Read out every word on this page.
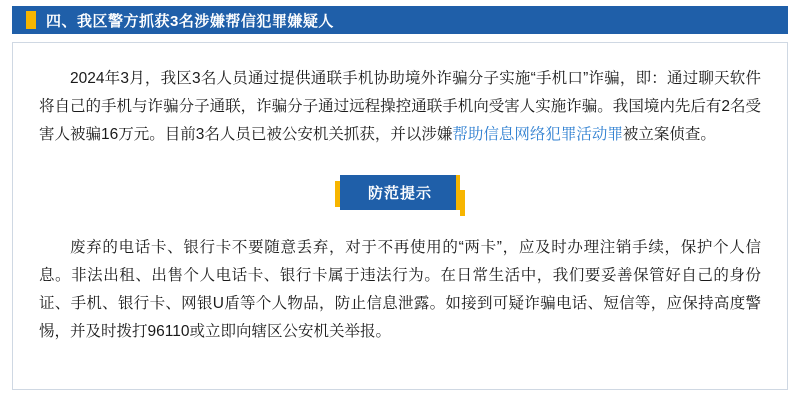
四、我区警方抓获3名涉嫌帮信犯罪嫌疑人

2024年3月，我区3名人员通过提供通联手机协助境外诈骗分子实施“手机口”诈骗，即：通过聊天软件将自己的手机与诈骗分子通联，诈骗分子通过远程操控通联手机向受害人实施诈骗。我国境内先后有2名受害人被骗16万元。目前3名人员已被公安机关抓获，并以涉嫌帮助信息网络犯罪活动罪被立案侦查。

防范提示

废弃的电话卡、银行卡不要随意丢弃，对于不再使用的“两卡”，应及时办理注销手续，保护个人信息。非法出租、出售个人电话卡、银行卡属于违法行为。在日常生活中，我们要妥善保管好自己的身份证、手机、银行卡、网银U盾等个人物品，防止信息泄露。如接到可疑诈骗电话、短信等，应保持高度警惕，并及时拨打96110或立即向辖区公安机关举报。
